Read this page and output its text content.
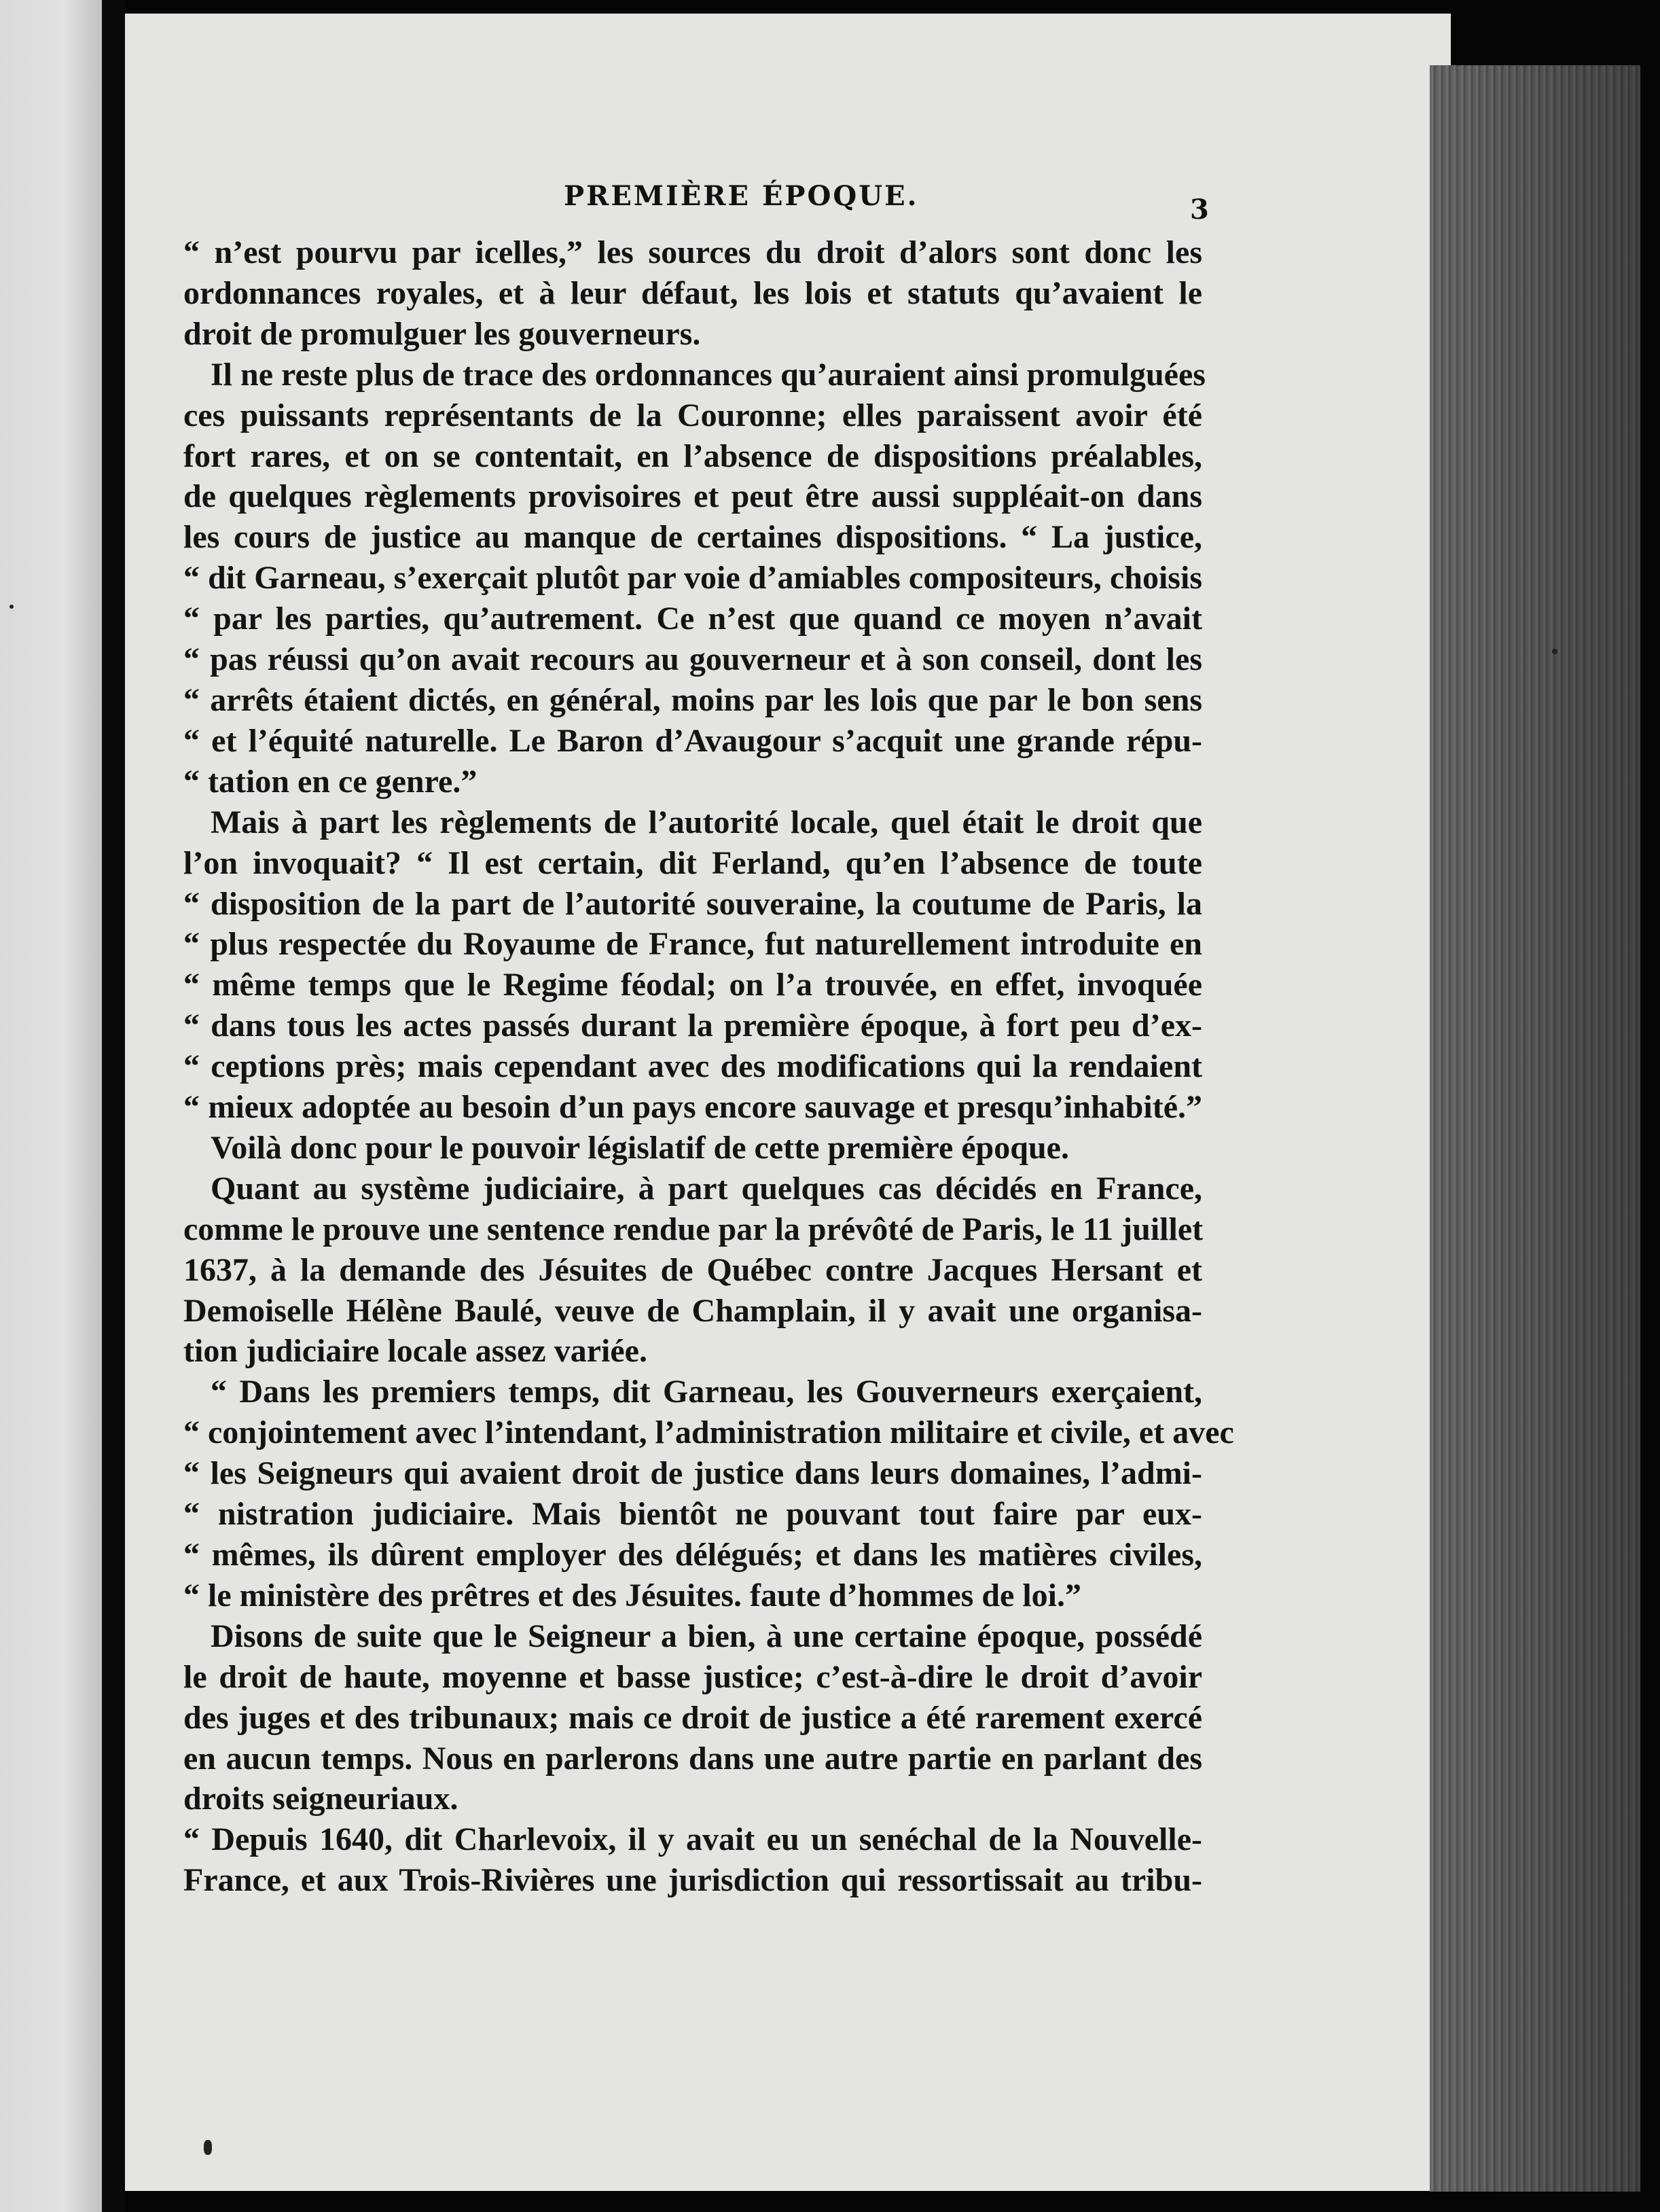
PREMIÈRE ÉPOQUE.	3
“ n’est pourvu par icelles,” les sources du droit d’alors sont donc les
ordonnances royales, et à leur défaut, les lois et statuts qu’avaient le
droit de promulguer les gouverneurs.
Il ne reste plus de trace des ordonnances qu’auraient ainsi promulguées
ces puissants représentants de la Couronne; elles paraissent avoir été
fort rares, et on se contentait, en l’absence de dispositions préalables,
de quelques règlements provisoires et peut être aussi suppléait-on dans
les cours de justice au manque de certaines dispositions. “ La justice,
“ dit Garneau, s’exerçait plutôt par voie d’amiables compositeurs, choisis
“ par les parties, qu’autrement. Ce n’est que quand ce moyen n’avait
“ pas réussi qu’on avait recours au gouverneur et à son conseil, dont les
“ arrêts étaient dictés, en général, moins par les lois que par le bon sens
“ et l’équité naturelle. Le Baron d’Avaugour s’acquit une grande répu-
“ tation en ce genre.”
Mais à part les règlements de l’autorité locale, quel était le droit que
l’on invoquait? “ Il est certain, dit Ferland, qu’en l’absence de toute
“ disposition de la part de l’autorité souveraine, la coutume de Paris, la
“ plus respectée du Royaume de France, fut naturellement introduite en
“ même temps que le Regime féodal; on l’a trouvée, en effet, invoquée
“ dans tous les actes passés durant la première époque, à fort peu d’ex-
“ ceptions près; mais cependant avec des modifications qui la rendaient
“ mieux adoptée au besoin d’un pays encore sauvage et presqu’inhabité.”
Voilà donc pour le pouvoir législatif de cette première époque.
Quant au système judiciaire, à part quelques cas décidés en France,
comme le prouve une sentence rendue par la prévôté de Paris, le 11 juillet
1637, à la demande des Jésuites de Québec contre Jacques Hersant et
Demoiselle Hélène Baulé, veuve de Champlain, il y avait une organisa-
tion judiciaire locale assez variée.
“ Dans les premiers temps, dit Garneau, les Gouverneurs exerçaient,
“ conjointement avec l’intendant, l’administration militaire et civile, et avec
“ les Seigneurs qui avaient droit de justice dans leurs domaines, l’admi-
“ nistration judiciaire. Mais bientôt ne pouvant tout faire par eux-
“ mêmes, ils dûrent employer des délégués; et dans les matières civiles,
“ le ministère des prêtres et des Jésuites. faute d’hommes de loi.”
Disons de suite que le Seigneur a bien, à une certaine époque, possédé
le droit de haute, moyenne et basse justice; c’est-à-dire le droit d’avoir
des juges et des tribunaux; mais ce droit de justice a été rarement exercé
en aucun temps. Nous en parlerons dans une autre partie en parlant des
droits seigneuriaux.
“ Depuis 1640, dit Charlevoix, il y avait eu un senéchal de la Nouvelle-
France, et aux Trois-Rivières une jurisdiction qui ressortissait au tribu-
